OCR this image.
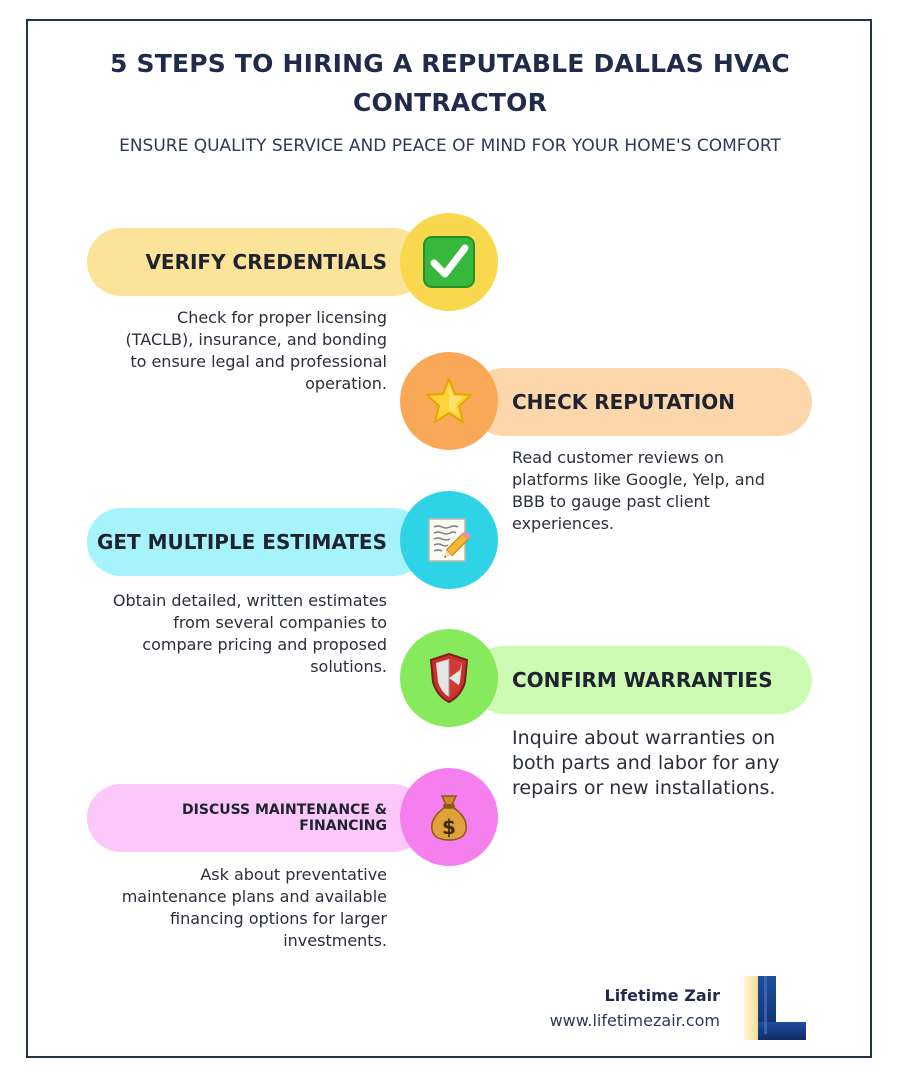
5 STEPS TO HIRING A REPUTABLE DALLAS HVAC
CONTRACTOR

ENSURE QUALITY SERVICE AND PEACE OF MIND FOR YOUR HOME'S COMFORT

VERIFY CREDENTIALS

Check for proper licensing
(TACLB), insurance, and bonding
to ensure legal and professional
operation.

CHECK REPUTATION

Read customer reviews on
platforms like Google, Yelp, and
BBB to gauge past client
experiences.

GET MULTIPLE ESTIMATES

Obtain detailed, written estimates
from several companies to
compare pricing and proposed
solutions.

CONFIRM WARRANTIES

Inquire about warranties on
both parts and labor for any
repairs or new installations.

DISCUSS MAINTENANCE &
FINANCING	$

Ask about preventative
maintenance plans and available
financing options for larger
investments.

Lifetime Zair
www.lifetimezair.com
